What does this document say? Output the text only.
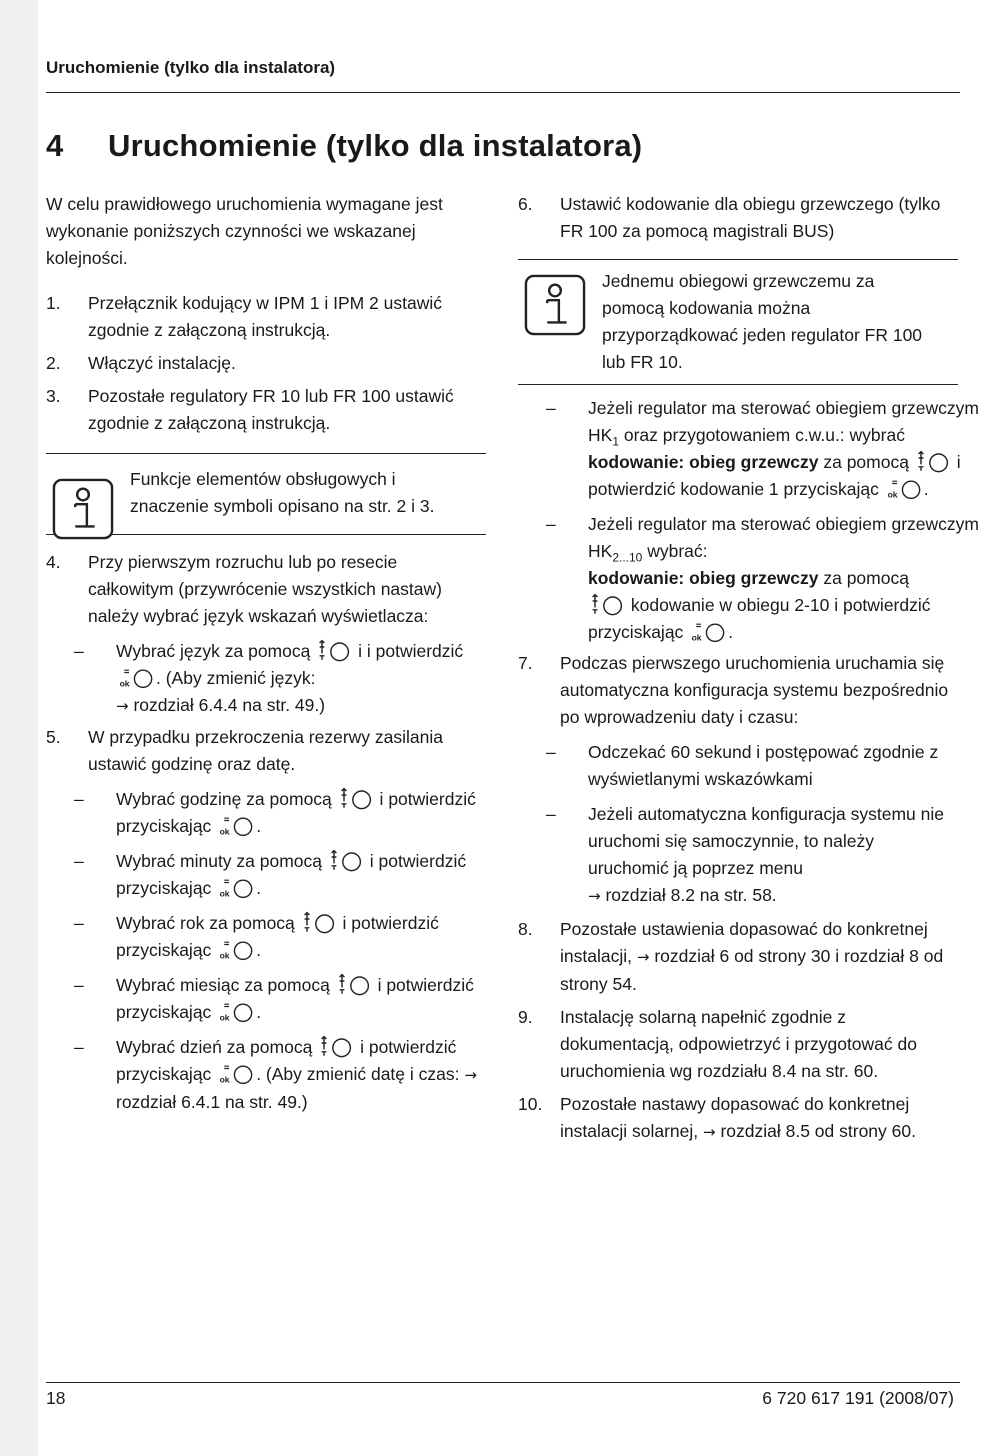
Uruchomienie (tylko dla instalatora)
4 Uruchomienie (tylko dla instalatora)

W celu prawidłowego uruchomienia wymagane jest wykonanie poniższych czynności we wskazanej kolejności.

1. Przełącznik kodujący w IPM 1 i IPM 2 ustawić zgodnie z załączoną instrukcją.
2. Włączyć instalację.
3. Pozostałe regulatory FR 10 lub FR 100 ustawić zgodnie z załączoną instrukcją.

Funkcje elementów obsługowych i znaczenie symboli opisano na str. 2 i 3.

4. Przy pierwszym rozruchu lub po resecie całkowitym (przywrócenie wszystkich nastaw) należy wybrać język wskazań wyświetlacza:
– Wybrać język za pomocą	i i potwierdzić . (Aby zmienić język:
→ rozdział 6.4.4 na str. 49.)
5. W przypadku przekroczenia rezerwy zasilania ustawić godzinę oraz datę.
– Wybrać godzinę za pomocą	i potwierdzić przyciskając	.
– Wybrać minuty za pomocą	i potwierdzić przyciskając	.
– Wybrać rok za pomocą	i potwierdzić przyciskając	.
– Wybrać miesiąc za pomocą	i potwierdzić przyciskając	.
– Wybrać dzień za pomocą	i potwierdzić przyciskając	. (Aby zmienić datę i czas: → rozdział 6.4.1 na str. 49.)
6. Ustawić kodowanie dla obiegu grzewczego (tylko FR 100 za pomocą magistrali BUS)

Jednemu obiegowi grzewczemu za pomocą kodowania można przyporządkować jeden regulator FR 100 lub FR 10.

– Jeżeli regulator ma sterować obiegiem grzewczym $HK_1$ oraz przygotowaniem c.w.u.: wybrać kodowanie: obieg grzewczy za pomocą	i potwierdzić kodowanie 1 przyciskając	.
– Jeżeli regulator ma sterować obiegiem grzewczym $HK_{2...10}$ wybrać:
kodowanie: obieg grzewczy za pomocą
kodowanie w obiegu 2-10 i potwierdzić przyciskając	.
7. Podczas pierwszego uruchomienia uruchamia się automatyczna konfiguracja systemu bezpośrednio po wprowadzeniu daty i czasu:
– Odczekać 60 sekund i postępować zgodnie z wyświetlanymi wskazówkami
– Jeżeli automatyczna konfiguracja systemu nie uruchomi się samoczynnie, to należy uruchomić ją poprzez menu
→ rozdział 8.2 na str. 58.
8. Pozostałe ustawienia dopasować do konkretnej instalacji, → rozdział 6 od strony 30 i rozdział 8 od strony 54.
9. Instalację solarną napełnić zgodnie z dokumentacją, odpowietrzyć i przygotować do uruchomienia wg rozdziału 8.4 na str. 60.
10. Pozostałe nastawy dopasować do konkretnej instalacji solarnej, → rozdział 8.5 od strony 60.
18	6 720 617 191 (2008/07)
